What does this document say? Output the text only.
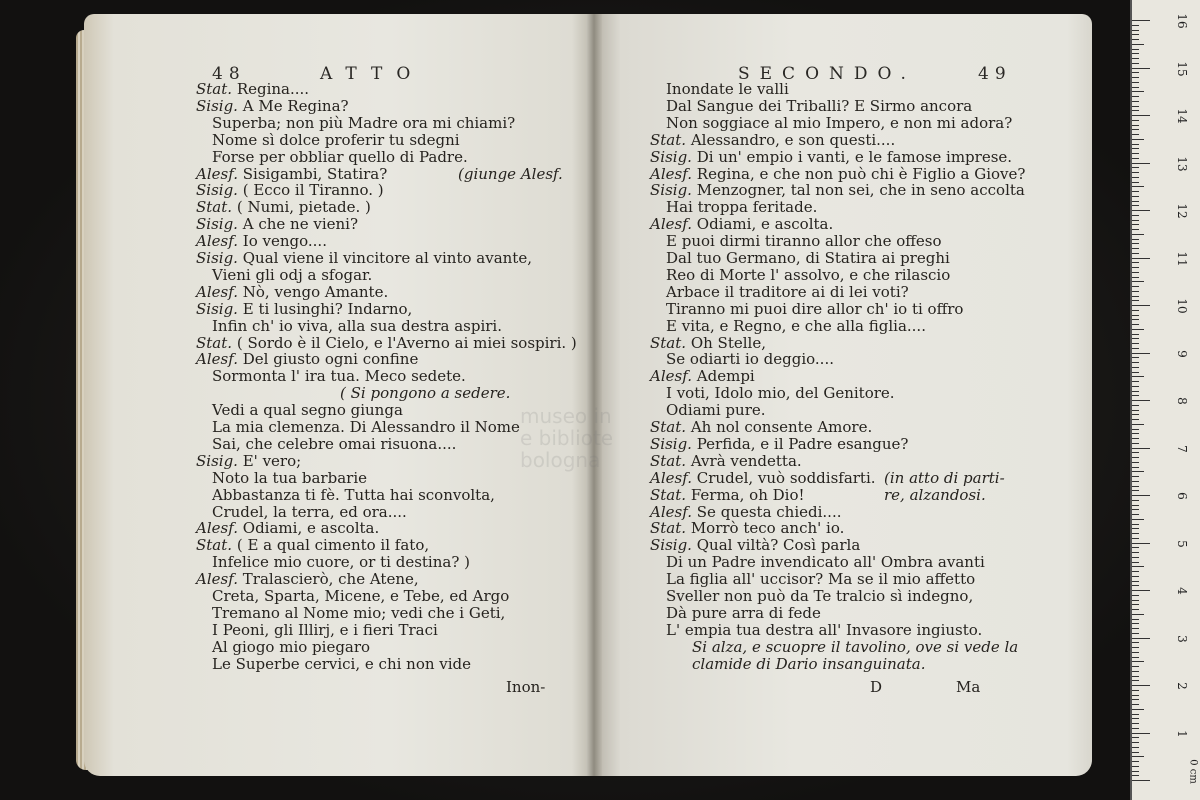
48	ATTO	SECONDO.	49
Stat. Regina....
Sisig. A Me Regina?
Superba; non più Madre ora mi chiami?
Nome sì dolce proferir tu sdegni
Forse per obbliar quello di Padre.
Alesf. Sisigambi, Statira?	(giunge Alesf.
Sisig. ( Ecco il Tiranno. )
Stat. ( Numi, pietade. )
Sisig. A che ne vieni?
Alesf. Io vengo....
Sisig. Qual viene il vincitore al vinto avante,
Vieni gli odj a sfogar.
Alesf. Nò, vengo Amante.
Sisig. E ti lusinghi? Indarno,
Infin ch' io viva, alla sua destra aspiri.
Stat. ( Sordo è il Cielo, e l'Averno ai miei sospiri. )
Alesf. Del giusto ogni confine
Sormonta l' ira tua. Meco sedete.
( Si pongono a sedere.
Vedi a qual segno giunga
La mia clemenza. Di Alessandro il Nome
Sai, che celebre omai risuona....
Sisig. E' vero;
Noto la tua barbarie
Abbastanza ti fè. Tutta hai sconvolta,
Crudel, la terra, ed ora....
Alesf. Odiami, e ascolta.
Stat. ( E a qual cimento il fato,
Infelice mio cuore, or ti destina? )
Alesf. Tralascierò, che Atene,
Creta, Sparta, Micene, e Tebe, ed Argo
Tremano al Nome mio; vedi che i Geti,
I Peoni, gli Illirj, e i fieri Traci
Al giogo mio piegaro
Le Superbe cervici, e chi non vide
Inondate le valli
Dal Sangue dei Triballi? E Sirmo ancora
Non soggiace al mio Impero, e non mi adora?
Stat. Alessandro, e son questi....
Sisig. Di un' empio i vanti, e le famose imprese.
Alesf. Regina, e che non può chi è Figlio a Giove?
Sisig. Menzogner, tal non sei, che in seno accolta
Hai troppa feritade.
Alesf. Odiami, e ascolta.
E puoi dirmi tiranno allor che offeso
Dal tuo Germano, di Statira ai preghi
Reo di Morte l' assolvo, e che rilascio
Arbace il traditore ai di lei voti?
Tiranno mi puoi dire allor ch' io ti offro
E vita, e Regno, e che alla figlia....
Stat. Oh Stelle,
Se odiarti io deggio....
Alesf. Adempi
I voti, Idolo mio, del Genitore.
Odiami pure.
Stat. Ah nol consente Amore.
Sisig. Perfida, e il Padre esangue?
Stat. Avrà vendetta.
Alesf. Crudel, vuò soddisfarti. (in atto di parti-
Stat. Ferma, oh Dio!	re, alzandosi.
Alesf. Se questa chiedi....
Stat. Morrò teco anch' io.
Sisig. Qual viltà? Così parla
Di un Padre invendicato all' Ombra avanti
La figlia all' uccisor? Ma se il mio affetto
Sveller non può da Te tralcio sì indegno,
Dà pure arra di fede
L' empia tua destra all' Invasore ingiusto.
Si alza, e scuopre il tavolino, ove si vede la
clamide di Dario insanguinata.
Inon-	D	Ma
museo in
e bibliote
bologna
0 cm
1
2
3
4
5
6
7
8
9
10
11
12
13
14
15
16
